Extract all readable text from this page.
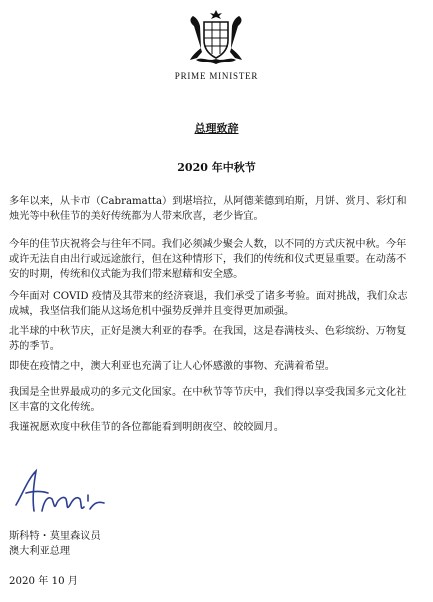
PRIME MINISTER
总理致辞
2020 年中秋节

多年以来，从卡市（Cabramatta）到堪培拉，从阿德莱德到珀斯，月饼、赏月、彩灯和烛光等中秋佳节的美好传统都为人带来欣喜，老少皆宜。

今年的佳节庆祝将会与往年不同。我们必须减少聚会人数，以不同的方式庆祝中秋。今年或许无法自由出行或远途旅行，但在这种情形下，我们的传统和仪式更显重要。在动荡不安的时期，传统和仪式能为我们带来慰藉和安全感。

今年面对 COVID 疫情及其带来的经济衰退，我们承受了诸多考验。面对挑战，我们众志成城，我坚信我们能从这场危机中强势反弹并且变得更加顽强。

北半球的中秋节庆，正好是澳大利亚的春季。在我国，这是春满枝头、色彩缤纷、万物复苏的季节。

即使在疫情之中，澳大利亚也充满了让人心怀感激的事物、充满着希望。

我国是全世界最成功的多元文化国家。在中秋节等节庆中，我们得以享受我国多元文化社区丰富的文化传统。

我谨祝愿欢度中秋佳节的各位都能看到明朗夜空、皎皎圆月。

斯科特・莫里森议员
澳大利亚总理
2020 年 10 月
